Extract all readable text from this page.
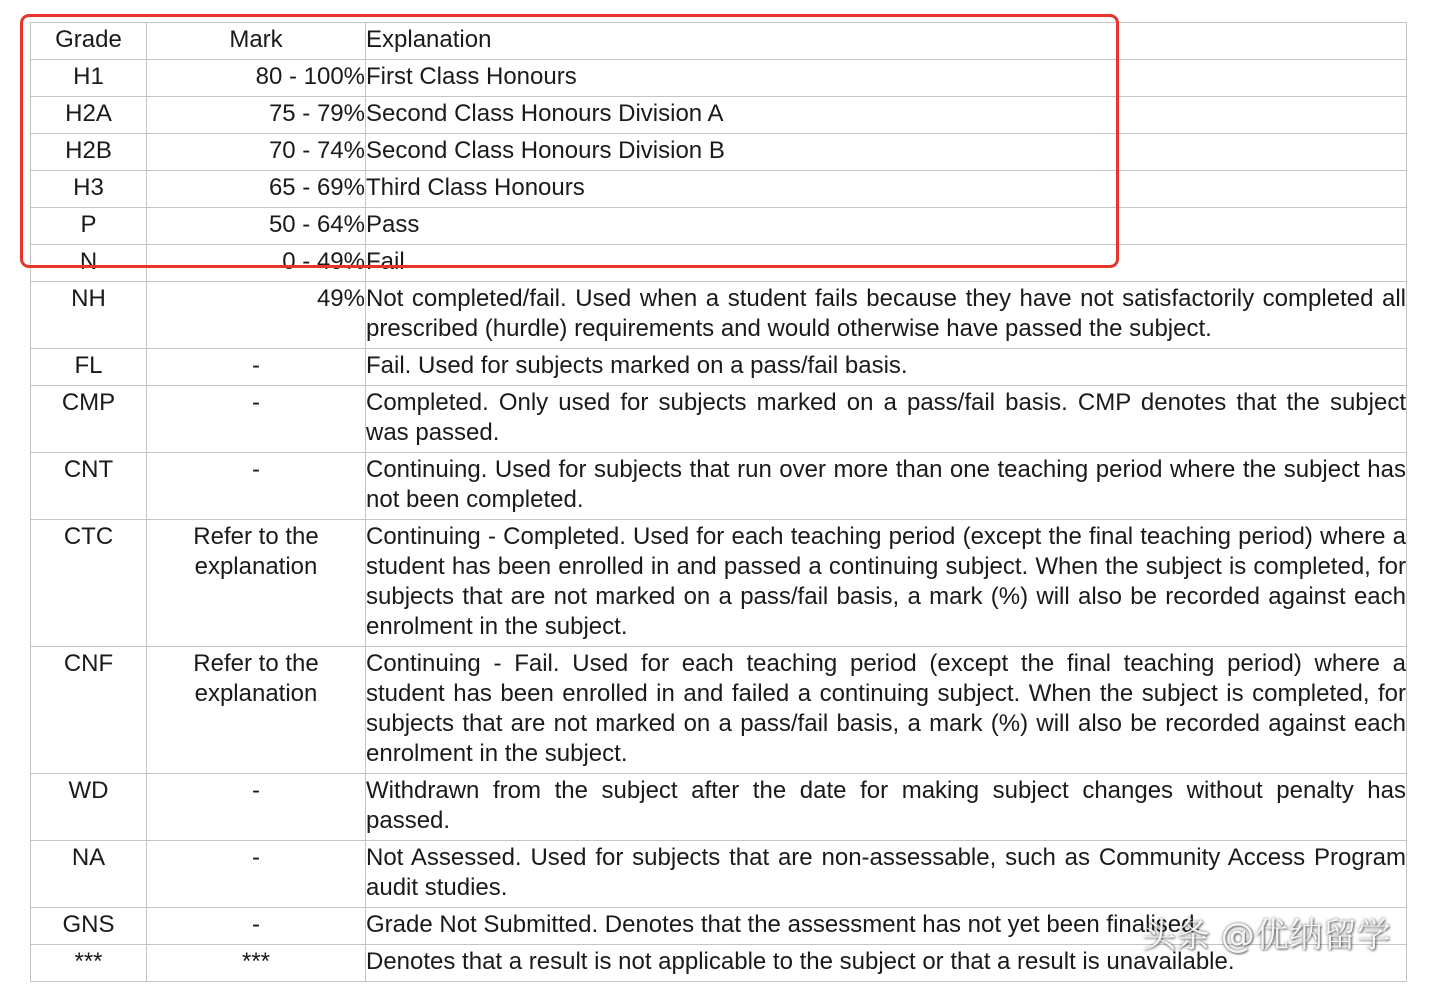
Grade	Mark	Explanation
H1	80 - 100%	First Class Honours
H2A	75 - 79%	Second Class Honours Division A
H2B	70 - 74%	Second Class Honours Division B
H3	65 - 69%	Third Class Honours
P	50 - 64%	Pass
N	0 - 49%	Fail
NH	49%	Not completed/fail. Used when a student fails because they have not satisfactorily completed all prescribed (hurdle) requirements and would otherwise have passed the subject.
FL	-	Fail. Used for subjects marked on a pass/fail basis.
CMP	-	Completed. Only used for subjects marked on a pass/fail basis. CMP denotes that the subject was passed.
CNT	-	Continuing. Used for subjects that run over more than one teaching period where the subject has not been completed.
CTC	Refer to the explanation	Continuing - Completed. Used for each teaching period (except the final teaching period) where a student has been enrolled in and passed a continuing subject. When the subject is completed, for subjects that are not marked on a pass/fail basis, a mark (%) will also be recorded against each enrolment in the subject.
CNF	Refer to the explanation	Continuing - Fail. Used for each teaching period (except the final teaching period) where a student has been enrolled in and failed a continuing subject. When the subject is completed, for subjects that are not marked on a pass/fail basis, a mark (%) will also be recorded against each enrolment in the subject.
WD	-	Withdrawn from the subject after the date for making subject changes without penalty has passed.
NA	-	Not Assessed. Used for subjects that are non-assessable, such as Community Access Program audit studies.
GNS	-	Grade Not Submitted. Denotes that the assessment has not yet been finalised.
***	***	Denotes that a result is not applicable to the subject or that a result is unavailable.
头条 @优纳留学
